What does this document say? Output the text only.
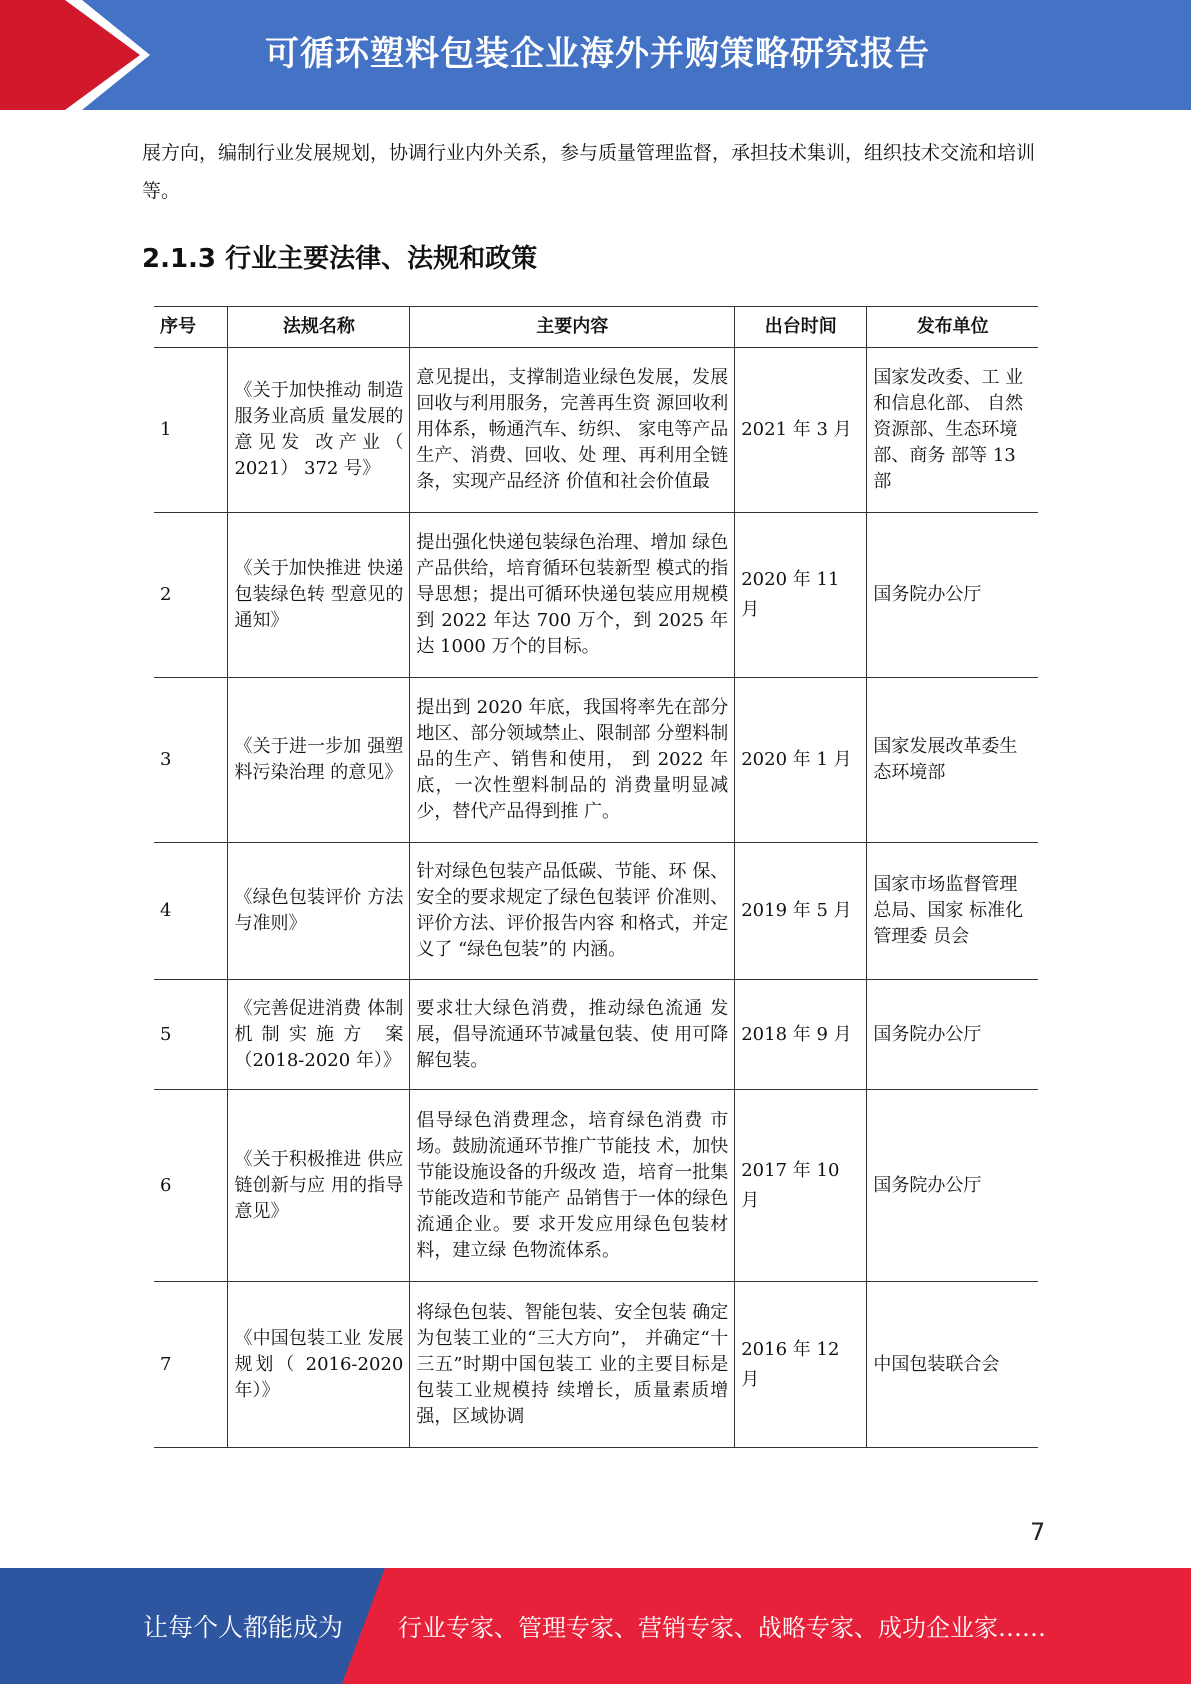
可循环塑料包装企业海外并购策略研究报告
展方向，编制行业发展规划，协调行业内外关系，参与质量管理监督，承担技术集训，组织技术交流和培训等。
2.1.3 行业主要法律、法规和政策
序号	法规名称	主要内容	出台时间	发布单位
1	《关于加快推动 制造服务业高质 量发展的意见发 改产业（ 2021） 372 号》	意见提出，支撑制造业绿色发展，发展回收与利用服务，完善再生资 源回收利用体系，畅通汽车、纺织、 家电等产品生产、消费、回收、处 理、再利用全链条，实现产品经济 价值和社会价值最	2021 年 3 月	国家发改委、工 业和信息化部、 自然资源部、生态环境部、商务 部等 13 部
2	《关于加快推进 快递包装绿色转 型意见的通知》	提出强化快递包装绿色治理、增加 绿色产品供给，培育循环包装新型 模式的指导思想；提出可循环快递包装应用规模到 2022 年达 700 万个，到 2025 年达 1000 万个的目标。	2020 年 11 月	国务院办公厅
3	《关于进一步加 强塑料污染治理 的意见》	提出到 2020 年底，我国将率先在部分地区、部分领域禁止、限制部 分塑料制品的生产、销售和使用， 到 2022 年底，一次性塑料制品的 消费量明显减少，替代产品得到推 广。	2020 年 1 月	国家发展改革委生态环境部
4	《绿色包装评价 方法与准则》	针对绿色包装产品低碳、节能、环 保、安全的要求规定了绿色包装评 价准则、评价方法、评价报告内容 和格式，并定义了 “绿色包装”的 内涵。	2019 年 5 月	国家市场监督管理总局、国家 标准化管理委 员会
5	《完善促进消费 体制机制实施方 案（2018-2020 年）》	要求壮大绿色消费，推动绿色流通 发展，倡导流通环节减量包装、使 用可降解包装。	2018 年 9 月	国务院办公厅
6	《关于积极推进 供应链创新与应 用的指导意见》	倡导绿色消费理念，培育绿色消费 市场。鼓励流通环节推广节能技 术，加快节能设施设备的升级改 造，培育一批集节能改造和节能产 品销售于一体的绿色流通企业。要 求开发应用绿色包装材料，建立绿 色物流体系。	2017 年 10 月	国务院办公厅
7	《中国包装工业 发展规划（ 2016-2020 年）》	将绿色包装、智能包装、安全包装 确定为包装工业的“三大方向”， 并确定“十三五”时期中国包装工 业的主要目标是包装工业规模持 续增长，质量素质增强，区域协调	2016 年 12 月	中国包装联合会
7
让每个人都能成为 行业专家、管理专家、营销专家、战略专家、成功企业家……
